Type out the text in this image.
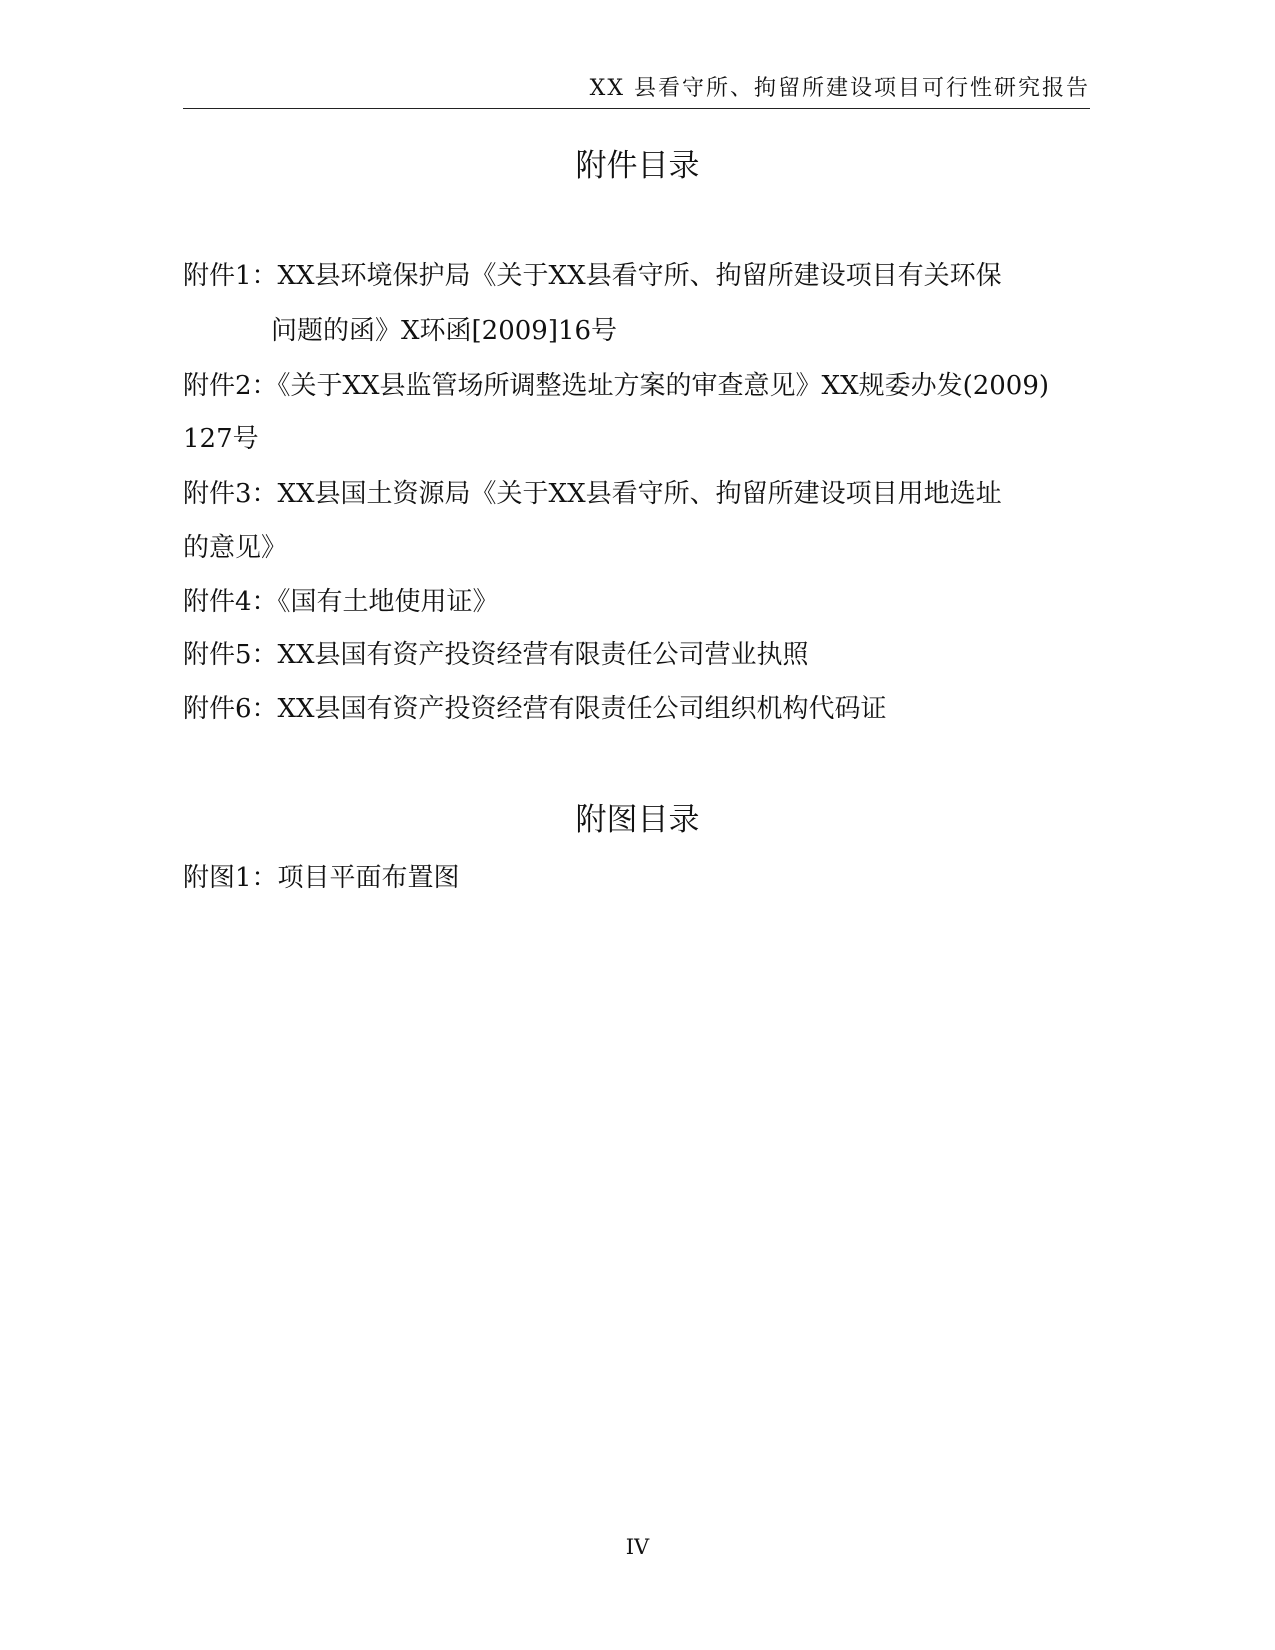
XX 县看守所、拘留所建设项目可行性研究报告
附件目录
附件1：XX县环境保护局《关于XX县看守所、拘留所建设项目有关环保
问题的函》X环函[2009]16号
附件2：《关于XX县监管场所调整选址方案的审查意见》XX规委办发(2009)
127号
附件3：XX县国土资源局《关于XX县看守所、拘留所建设项目用地选址
的意见》
附件4：《国有土地使用证》
附件5：XX县国有资产投资经营有限责任公司营业执照
附件6：XX县国有资产投资经营有限责任公司组织机构代码证
附图目录
附图1：项目平面布置图
IV
